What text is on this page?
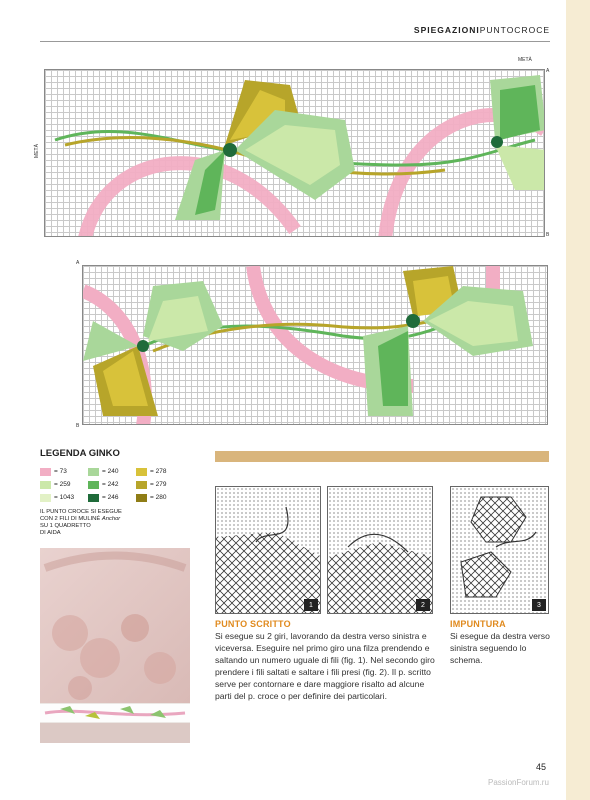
SPIEGAZIONIPUNTOCROCE
METÀ
A
B
METÀ
A
B
LEGENDA GINKO
= 73	= 240	= 278
= 259	= 242	= 279
= 1043	= 246	= 280
IL PUNTO CROCE SI ESEGUE
CON 2 FILI DI MULINÉ Anchor
SU 1 QUADRETTO
DI AIDA
1	2	3
PUNTO SCRITTO
Si esegue su 2 giri, lavorando da destra verso sinistra e viceversa. Eseguire nel primo giro una filza prendendo e saltando un numero uguale di fili (fig. 1). Nel secondo giro prendere i fili saltati e saltare i fili presi (fig. 2). Il p. scritto serve per contornare e dare maggiore risalto ad alcune parti del p. croce o per definire dei particolari.
IMPUNTURA
Si esegue da destra verso sinistra seguendo lo schema.
45
PassionForum.ru
